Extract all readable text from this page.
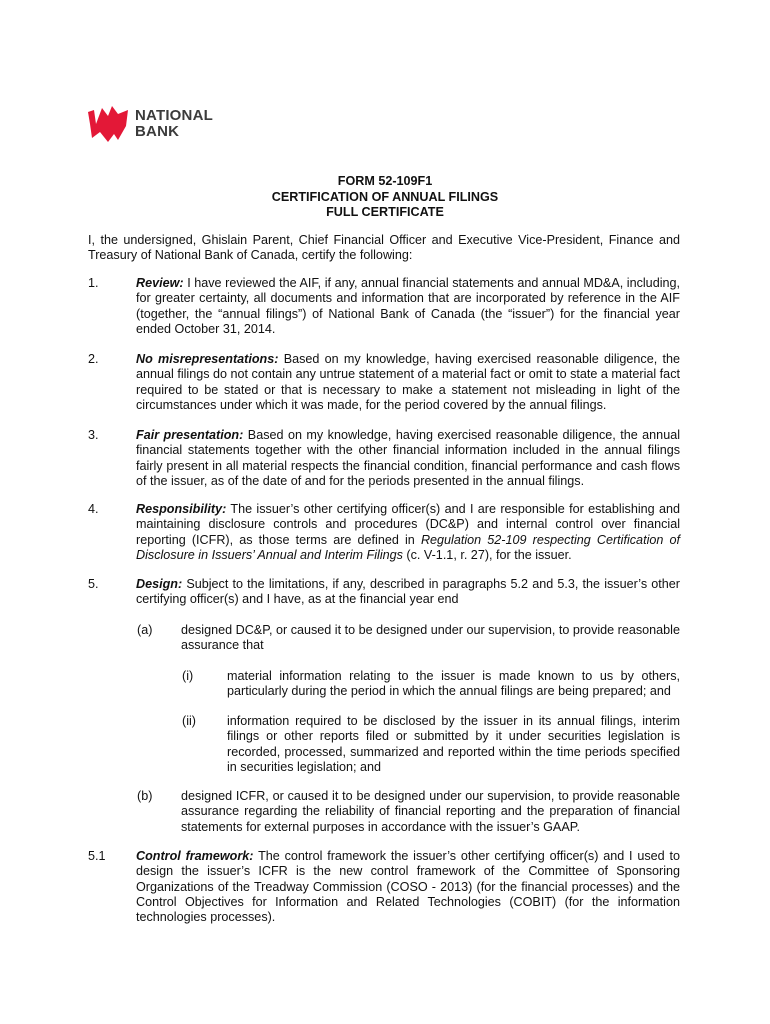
NATIONAL
BANK
FORM 52-109F1
CERTIFICATION OF ANNUAL FILINGS
FULL CERTIFICATE
I, the undersigned, Ghislain Parent, Chief Financial Officer and Executive Vice-President, Finance and Treasury of National Bank of Canada, certify the following:
1.	Review: I have reviewed the AIF, if any, annual financial statements and annual MD&A, including, for greater certainty, all documents and information that are incorporated by reference in the AIF (together, the “annual filings”) of National Bank of Canada (the “issuer”) for the financial year ended October 31, 2014.
2.	No misrepresentations: Based on my knowledge, having exercised reasonable diligence, the annual filings do not contain any untrue statement of a material fact or omit to state a material fact required to be stated or that is necessary to make a statement not misleading in light of the circumstances under which it was made, for the period covered by the annual filings.
3.	Fair presentation: Based on my knowledge, having exercised reasonable diligence, the annual financial statements together with the other financial information included in the annual filings fairly present in all material respects the financial condition, financial performance and cash flows of the issuer, as of the date of and for the periods presented in the annual filings.
4.	Responsibility: The issuer’s other certifying officer(s) and I are responsible for establishing and maintaining disclosure controls and procedures (DC&P) and internal control over financial reporting (ICFR), as those terms are defined in Regulation 52-109 respecting Certification of Disclosure in Issuers’ Annual and Interim Filings (c. V-1.1, r. 27), for the issuer.
5.	Design: Subject to the limitations, if any, described in paragraphs 5.2 and 5.3, the issuer’s other certifying officer(s) and I have, as at the financial year end
(a) designed DC&P, or caused it to be designed under our supervision, to provide reasonable assurance that
(i)	material information relating to the issuer is made known to us by others, particularly during the period in which the annual filings are being prepared; and
(ii) information required to be disclosed by the issuer in its annual filings, interim filings or other reports filed or submitted by it under securities legislation is recorded, processed, summarized and reported within the time periods specified in securities legislation; and
(b) designed ICFR, or caused it to be designed under our supervision, to provide reasonable assurance regarding the reliability of financial reporting and the preparation of financial statements for external purposes in accordance with the issuer’s GAAP.
5.1 Control framework: The control framework the issuer’s other certifying officer(s) and I used to design the issuer’s ICFR is the new control framework of the Committee of Sponsoring Organizations of the Treadway Commission (COSO - 2013) (for the financial processes) and the Control Objectives for Information and Related Technologies (COBIT) (for the information technologies processes).
